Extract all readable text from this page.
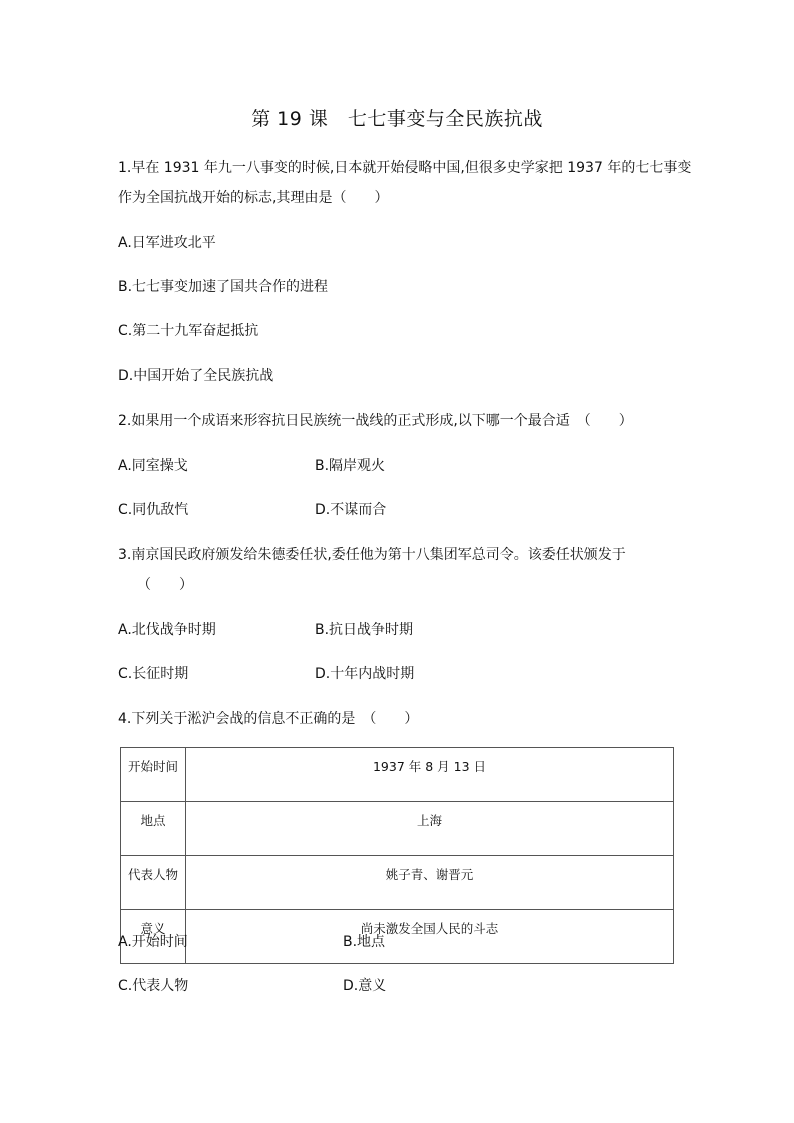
第 19 课　七七事变与全民族抗战
1.早在 1931 年九一八事变的时候,日本就开始侵略中国,但很多史学家把 1937 年的七七事变
作为全国抗战开始的标志,其理由是（　　）
A.日军进攻北平
B.七七事变加速了国共合作的进程
C.第二十九军奋起抵抗
D.中国开始了全民族抗战
2.如果用一个成语来形容抗日民族统一战线的正式形成,以下哪一个最合适　（　　）
A.同室操戈	B.隔岸观火
C.同仇敌忾	D.不谋而合
3.南京国民政府颁发给朱德委任状,委任他为第十八集团军总司令。该委任状颁发于
（　　）
A.北伐战争时期	B.抗日战争时期
C.长征时期	D.十年内战时期
4.下列关于淞沪会战的信息不正确的是　（　　）
开始时间	1937 年 8 月 13 日
地点	上海
代表人物	姚子青、谢晋元
意义	尚未激发全国人民的斗志
A.开始时间	B.地点
C.代表人物	D.意义
